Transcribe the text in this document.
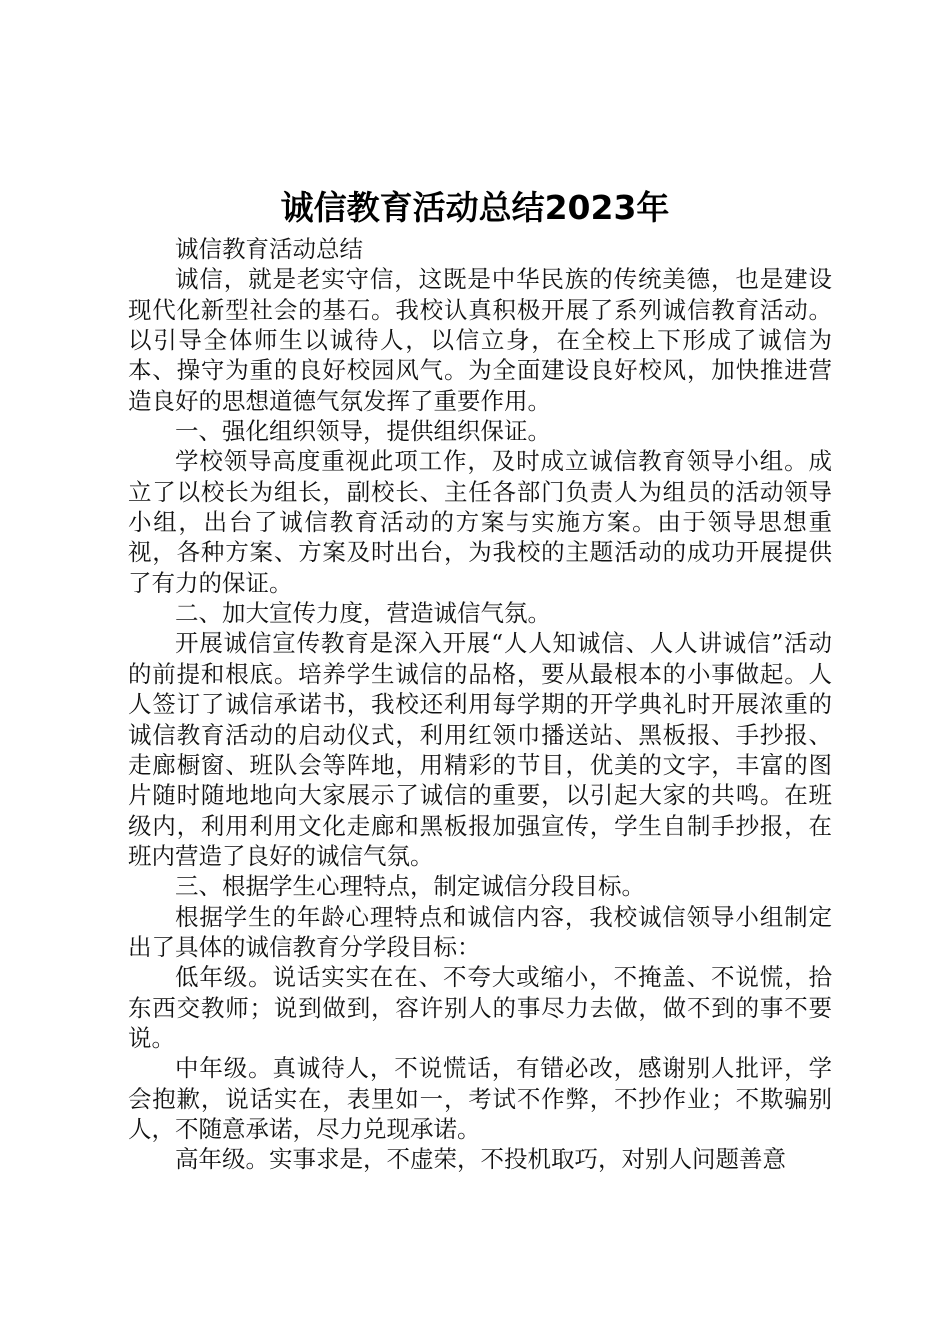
诚信教育活动总结2023年

诚信教育活动总结

诚信，就是老实守信，这既是中华民族的传统美德，也是建设现代化新型社会的基石。我校认真积极开展了系列诚信教育活动。以引导全体师生以诚待人，以信立身，在全校上下形成了诚信为本、操守为重的良好校园风气。为全面建设良好校风，加快推进营造良好的思想道德气氛发挥了重要作用。

一、强化组织领导，提供组织保证。

学校领导高度重视此项工作，及时成立诚信教育领导小组。成立了以校长为组长，副校长、主任各部门负责人为组员的活动领导小组，出台了诚信教育活动的方案与实施方案。由于领导思想重视，各种方案、方案及时出台，为我校的主题活动的成功开展提供了有力的保证。

二、加大宣传力度，营造诚信气氛。

开展诚信宣传教育是深入开展“人人知诚信、人人讲诚信”活动的前提和根底。培养学生诚信的品格，要从最根本的小事做起。人人签订了诚信承诺书，我校还利用每学期的开学典礼时开展浓重的诚信教育活动的启动仪式，利用红领巾播送站、黑板报、手抄报、走廊橱窗、班队会等阵地，用精彩的节目，优美的文字，丰富的图片随时随地地向大家展示了诚信的重要，以引起大家的共鸣。在班级内，利用利用文化走廊和黑板报加强宣传，学生自制手抄报，在班内营造了良好的诚信气氛。

三、根据学生心理特点，制定诚信分段目标。

根据学生的年龄心理特点和诚信内容，我校诚信领导小组制定出了具体的诚信教育分学段目标：

低年级。说话实实在在、不夸大或缩小，不掩盖、不说慌，拾东西交教师；说到做到，容许别人的事尽力去做，做不到的事不要说。

中年级。真诚待人，不说慌话，有错必改，感谢别人批评，学会抱歉，说话实在，表里如一，考试不作弊，不抄作业；不欺骗别人，不随意承诺，尽力兑现承诺。

高年级。实事求是，不虚荣，不投机取巧，对别人问题善意
